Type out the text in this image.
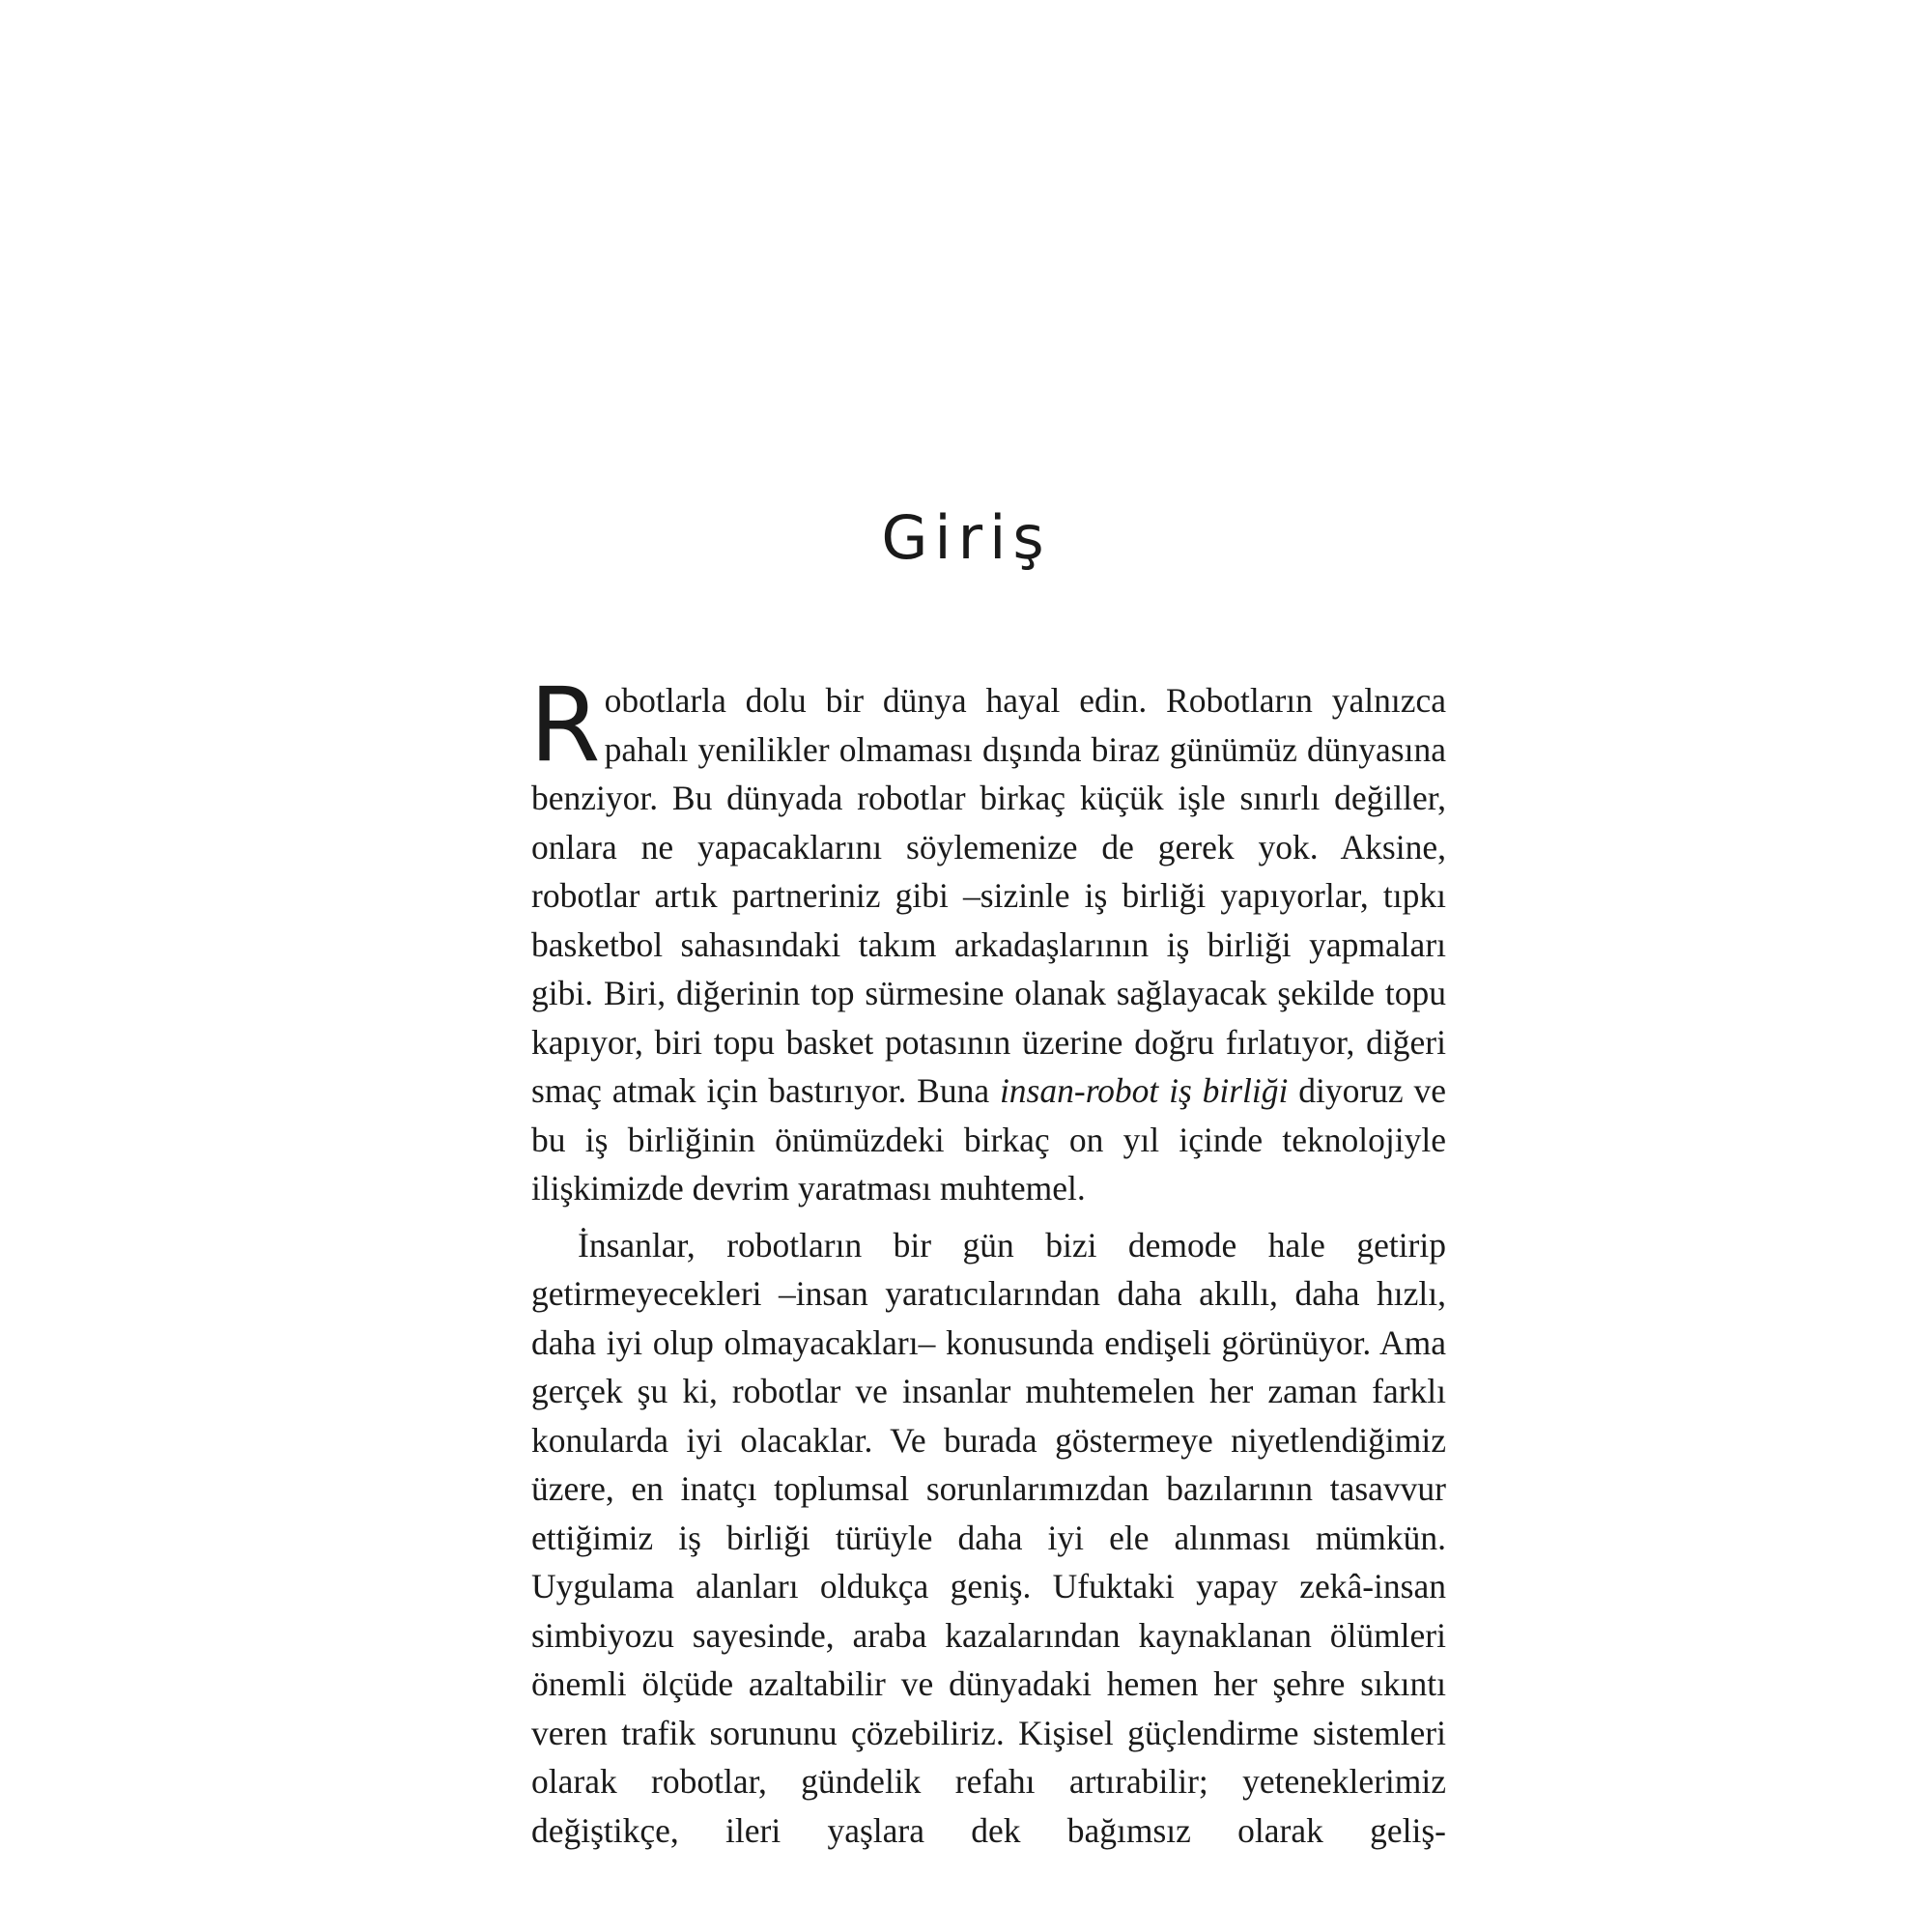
Giriş

Robotlarla dolu bir dünya hayal edin. Robotların yalnızca pahalı yenilikler olmaması dışında biraz günümüz dünyasına benziyor. Bu dünyada robotlar birkaç küçük işle sınırlı değiller, onlara ne yapacaklarını söylemenize de gerek yok. Aksine, robotlar artık partneriniz gibi –sizinle iş birliği yapıyorlar, tıpkı basketbol sahasındaki takım arkadaşlarının iş birliği yapmaları gibi. Biri, diğerinin top sürmesine olanak sağlayacak şekilde topu kapıyor, biri topu basket potasının üzerine doğru fırlatıyor, diğeri smaç atmak için bastırıyor. Buna insan-robot iş birliği diyoruz ve bu iş birliğinin önümüzdeki birkaç on yıl içinde teknolojiyle ilişkimizde devrim yaratması muhtemel.

İnsanlar, robotların bir gün bizi demode hale getirip getirmeyecekleri –insan yaratıcılarından daha akıllı, daha hızlı, daha iyi olup olmayacakları– konusunda endişeli görünüyor. Ama gerçek şu ki, robotlar ve insanlar muhtemelen her zaman farklı konularda iyi olacaklar. Ve burada göstermeye niyetlendiğimiz üzere, en inatçı toplumsal sorunlarımızdan bazılarının tasavvur ettiğimiz iş birliği türüyle daha iyi ele alınması mümkün. Uygulama alanları oldukça geniş. Ufuktaki yapay zekâ-insan simbiyozu sayesinde, araba kazalarından kaynaklanan ölümleri önemli ölçüde azaltabilir ve dünyadaki hemen her şehre sıkıntı veren trafik sorununu çözebiliriz. Kişisel güçlendirme sistemleri olarak robotlar, gündelik refahı artırabilir; yeteneklerimiz değiştikçe, ileri yaşlara dek bağımsız olarak geliş-
